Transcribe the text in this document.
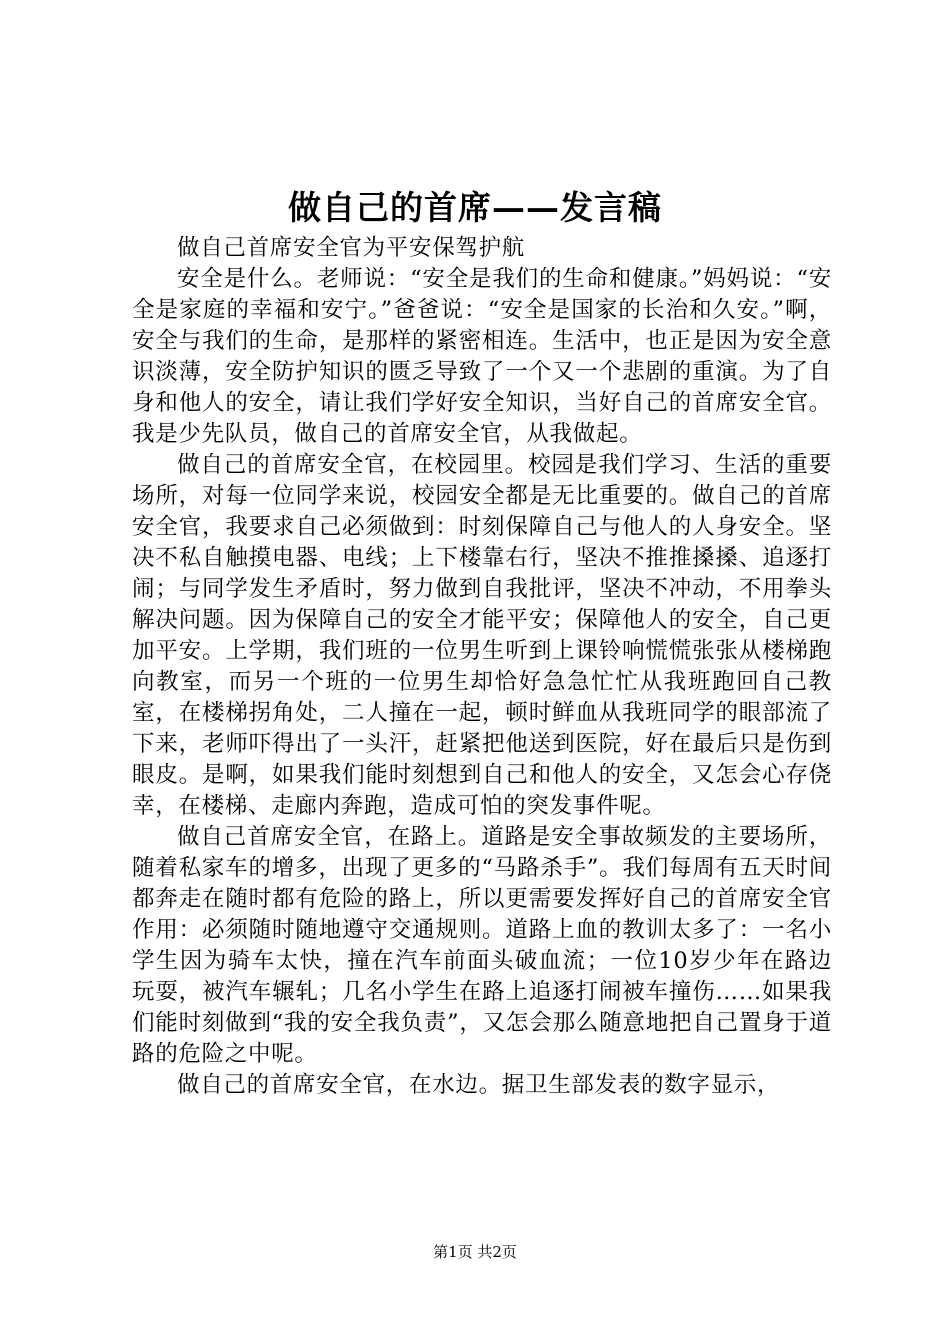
做自己的首席——发言稿

做自己首席安全官为平安保驾护航

安全是什么。老师说：“安全是我们的生命和健康。”妈妈说：“安全是家庭的幸福和安宁。”爸爸说：“安全是国家的长治和久安。”啊，安全与我们的生命，是那样的紧密相连。生活中，也正是因为安全意识淡薄，安全防护知识的匮乏导致了一个又一个悲剧的重演。为了自身和他人的安全，请让我们学好安全知识，当好自己的首席安全官。我是少先队员，做自己的首席安全官，从我做起。

做自己的首席安全官，在校园里。校园是我们学习、生活的重要场所，对每一位同学来说，校园安全都是无比重要的。做自己的首席安全官，我要求自己必须做到：时刻保障自己与他人的人身安全。坚决不私自触摸电器、电线；上下楼靠右行，坚决不推推搡搡、追逐打闹；与同学发生矛盾时，努力做到自我批评，坚决不冲动，不用拳头解决问题。因为保障自己的安全才能平安；保障他人的安全，自己更加平安。上学期，我们班的一位男生听到上课铃响慌慌张张从楼梯跑向教室，而另一个班的一位男生却恰好急急忙忙从我班跑回自己教室，在楼梯拐角处，二人撞在一起，顿时鲜血从我班同学的眼部流了下来，老师吓得出了一头汗，赶紧把他送到医院，好在最后只是伤到眼皮。是啊，如果我们能时刻想到自己和他人的安全，又怎会心存侥幸，在楼梯、走廊内奔跑，造成可怕的突发事件呢。

做自己首席安全官，在路上。道路是安全事故频发的主要场所，随着私家车的增多，出现了更多的“马路杀手”。我们每周有五天时间都奔走在随时都有危险的路上，所以更需要发挥好自己的首席安全官作用：必须随时随地遵守交通规则。道路上血的教训太多了：一名小学生因为骑车太快，撞在汽车前面头破血流；一位10岁少年在路边玩耍，被汽车辗轧；几名小学生在路上追逐打闹被车撞伤……如果我们能时刻做到“我的安全我负责”，又怎会那么随意地把自己置身于道路的危险之中呢。

做自己的首席安全官，在水边。据卫生部发表的数字显示，

第1页 共2页
